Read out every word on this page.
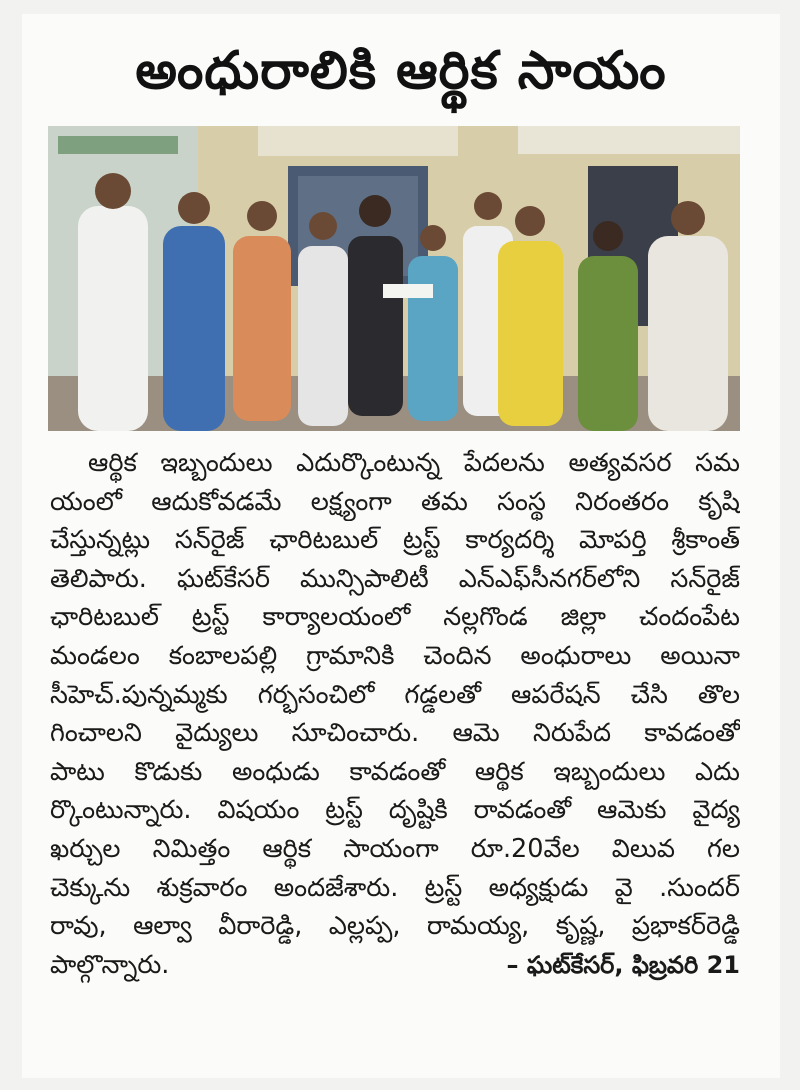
అంధురాలికి ఆర్థిక సాయం
ఆర్థిక ఇబ్బందులు ఎదుర్కొంటున్న పేదలను అత్యవసర సమ
యంలో ఆదుకోవడమే లక్ష్యంగా తమ సంస్థ నిరంతరం కృషి
చేస్తున్నట్లు సన్‌రైజ్ ఛారిటబుల్ ట్రస్ట్ కార్యదర్శి మోపర్తి శ్రీకాంత్
తెలిపారు. ఘట్‌కేసర్ మున్సిపాలిటీ ఎన్ఎఫ్‌సీనగర్‌లోని సన్‌రైజ్
ఛారిటబుల్ ట్రస్ట్ కార్యాలయంలో నల్లగొండ జిల్లా చందంపేట
మండలం కంబాలపల్లి గ్రామానికి చెందిన అంధురాలు అయినా
సీహెచ్.పున్నమ్మకు గర్భసంచిలో గడ్డలతో ఆపరేషన్ చేసి తొల
గించాలని వైద్యులు సూచించారు. ఆమె నిరుపేద కావడంతో
పాటు కొడుకు అంధుడు కావడంతో ఆర్థిక ఇబ్బందులు ఎదు
ర్కొంటున్నారు. విషయం ట్రస్ట్ దృష్టికి రావడంతో ఆమెకు వైద్య
ఖర్చుల నిమిత్తం ఆర్థిక సాయంగా రూ.20వేల విలువ గల
చెక్కును శుక్రవారం అందజేశారు. ట్రస్ట్ అధ్యక్షుడు వై .సుందర్
రావు, ఆల్వా వీరారెడ్డి, ఎల్లప్ప, రామయ్య, కృష్ణ, ప్రభాకర్‌రెడ్డి
పాల్గొన్నారు.	– ఘట్‌కేసర్, ఫిబ్రవరి 21
